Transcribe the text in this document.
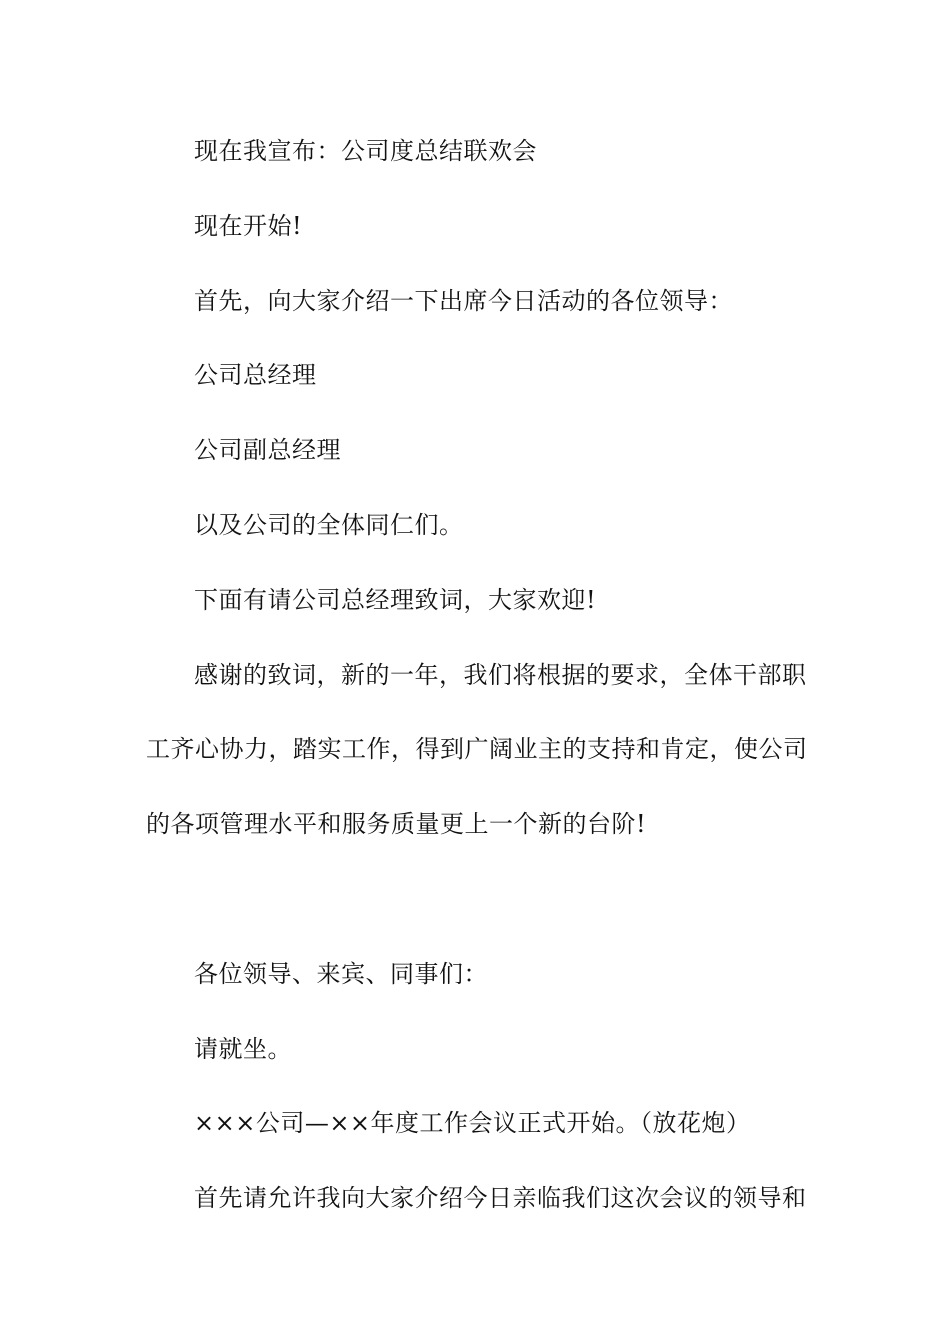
现在我宣布：公司度总结联欢会
现在开始!
首先，向大家介绍一下出席今日活动的各位领导：
公司总经理
公司副总经理
以及公司的全体同仁们。
下面有请公司总经理致词，大家欢迎!
感谢的致词，新的一年，我们将根据的要求，全体干部职
工齐心协力，踏实工作，得到广阔业主的支持和肯定，使公司
的各项管理水平和服务质量更上一个新的台阶!
各位领导、来宾、同事们：
请就坐。
×××公司—××年度工作会议正式开始。（放花炮）
首先请允许我向大家介绍今日亲临我们这次会议的领导和
